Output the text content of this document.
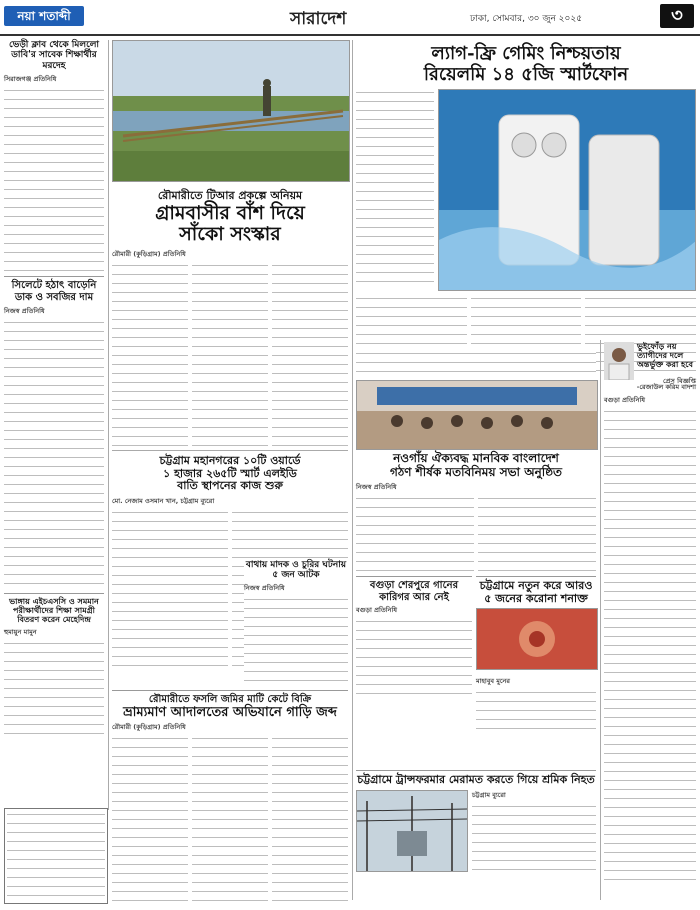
নয়া শতাব্দী	সারাদেশ	ঢাকা, সোমবার, ৩০ জুন ২০২৫	৩
ভেড়ী ক্লাব থেকে মিললো ডাবি'র সাবেক শিক্ষার্থীর মরদেহ
সিরাজগঞ্জ প্রতিনিধি
সিলেটে হঠাৎ বাড়েনি ডাক ও সবজির দাম
নিজস্ব প্রতিনিধি
ভাঙ্গায় এইচএসসি ও সমমান পরীক্ষার্থীদের শিক্ষা সামগ্রী বিতরণ করেন মেহেদিন্দ্র
হুমায়ুন মামুন
রৌমারীতে টিআর প্রকল্পে অনিয়ম
গ্রামবাসীর বাঁশ দিয়ে
সাঁকো সংস্কার
রৌমারী (কুড়িগ্রাম) প্রতিনিধি
চট্টগ্রাম মহানগরের ১০টি ওয়ার্ডে
১ হাজার ২৬৫টি স্মার্ট এলইডি
বাতি স্থাপনের কাজ শুরু
মো. নেজাম ওসমান খান, চট্টগ্রাম ব্যুরো
বাথায় মাদক ও চুরির ঘটনায় ৫ জন আটক
নিজস্ব প্রতিনিধি
রৌমারীতে ফসলি জমির মাটি কেটে বিক্রি
ভ্রাম্যমাণ আদালতের অভিযানে গাড়ি জব্দ
রৌমারী (কুড়িগ্রাম) প্রতিনিধি
ল্যাগ-ফ্রি গেমিং নিশ্চয়তায়
রিয়েলমি ১৪ ৫জি স্মার্টফোন
প্রেস বিজ্ঞপ্তি
নওগাঁয় ঐক্যবদ্ধ মানবিক বাংলাদেশ
গঠণ শীর্ষক মতবিনিময় সভা অনুষ্ঠিত
নিজস্ব প্রতিনিধি
ভুইফোঁড় নয় ত্যাগীদের দলে অন্তর্ভুক্ত করা হবে
-রেজাউল করিম বাদশা
বগুড়া প্রতিনিধি
বগুড়া শেরপুরে গানের কারিগর আর নেই
বগুড়া প্রতিনিধি
চট্টগ্রামে নতুন করে আরও
৫ জনের করোনা শনাক্ত
মাহাবুব মুনের
চট্টগ্রামে ট্রান্সফরমার মেরামত করতে গিয়ে শ্রমিক নিহত
চট্টগ্রাম ব্যুরো
